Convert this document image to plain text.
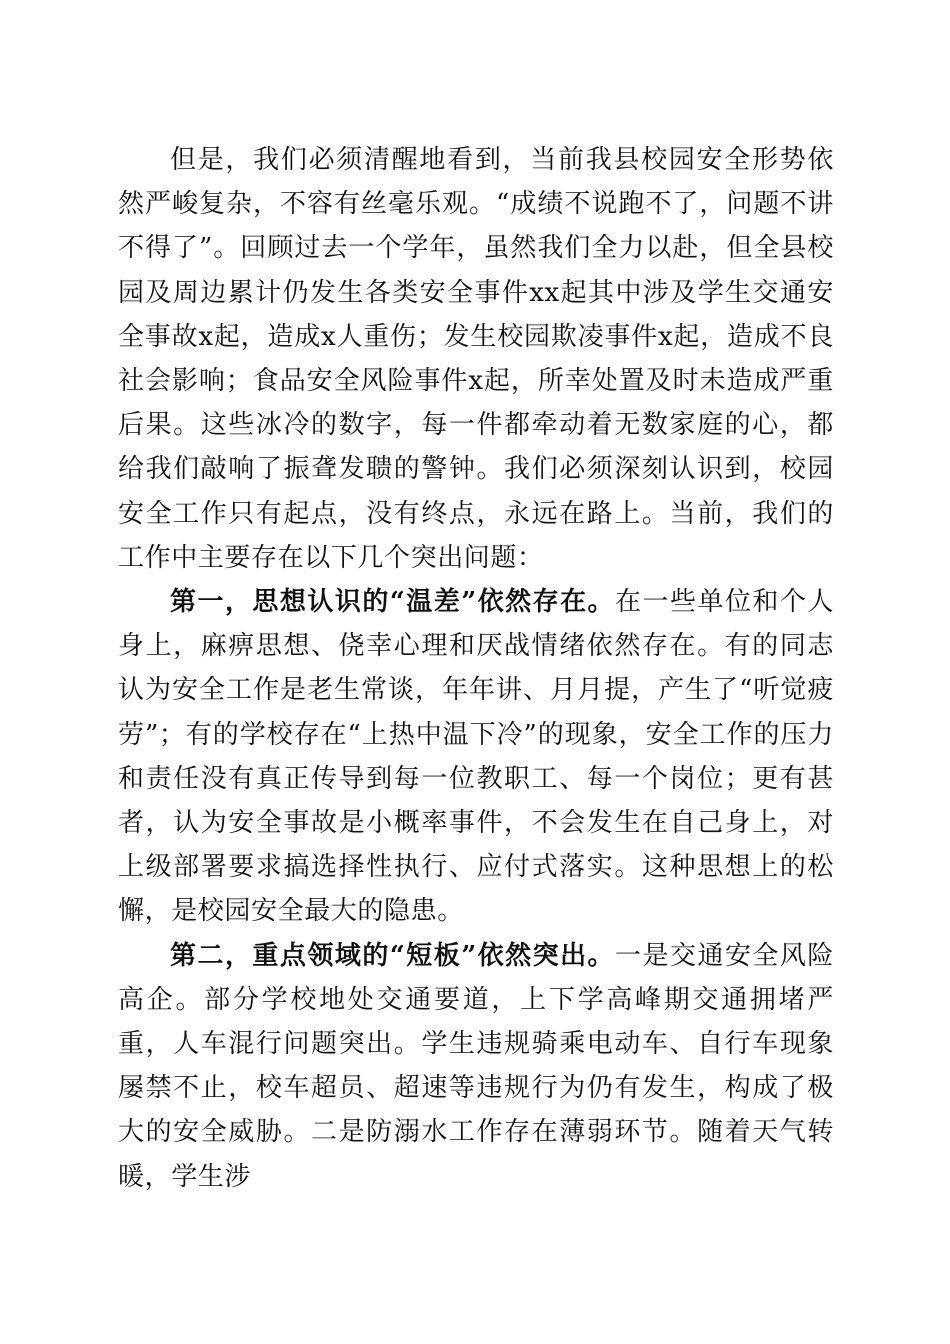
但是，我们必须清醒地看到，当前我县校园安全形势依然严峻复杂，不容有丝毫乐观。“成绩不说跑不了，问题不讲不得了”。回顾过去一个学年，虽然我们全力以赴，但全县校园及周边累计仍发生各类安全事件xx起其中涉及学生交通安全事故x起，造成x人重伤；发生校园欺凌事件x起，造成不良社会影响；食品安全风险事件x起，所幸处置及时未造成严重后果。这些冰冷的数字，每一件都牵动着无数家庭的心，都给我们敲响了振聋发聩的警钟。我们必须深刻认识到，校园安全工作只有起点，没有终点，永远在路上。当前，我们的工作中主要存在以下几个突出问题：

第一，思想认识的“温差”依然存在。在一些单位和个人身上，麻痹思想、侥幸心理和厌战情绪依然存在。有的同志认为安全工作是老生常谈，年年讲、月月提，产生了“听觉疲劳”；有的学校存在“上热中温下冷”的现象，安全工作的压力和责任没有真正传导到每一位教职工、每一个岗位；更有甚者，认为安全事故是小概率事件，不会发生在自己身上，对上级部署要求搞选择性执行、应付式落实。这种思想上的松懈，是校园安全最大的隐患。

第二，重点领域的“短板”依然突出。一是交通安全风险高企。部分学校地处交通要道，上下学高峰期交通拥堵严重，人车混行问题突出。学生违规骑乘电动车、自行车现象屡禁不止，校车超员、超速等违规行为仍有发生，构成了极大的安全威胁。二是防溺水工作存在薄弱环节。随着天气转暖，学生涉
